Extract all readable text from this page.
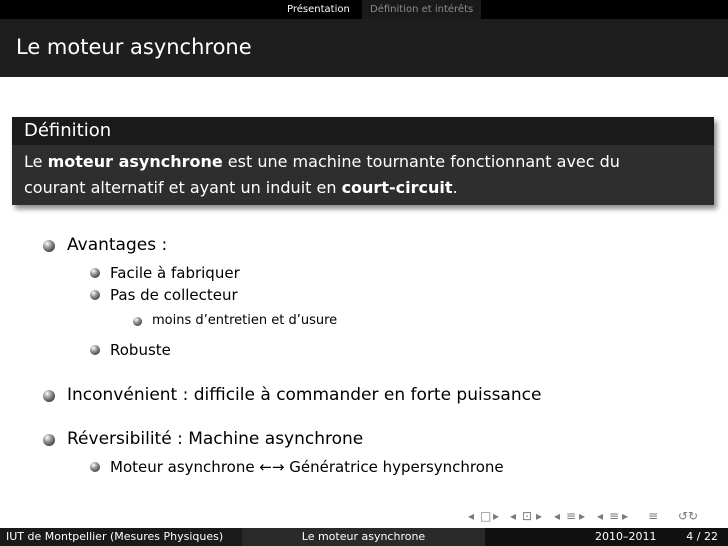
Présentation	Définition et intérêts
Le moteur asynchrone
Définition
Le moteur asynchrone est une machine tournante fonctionnant avec du
courant alternatif et ayant un induit en court-circuit.
Avantages :
Facile à fabriquer
Pas de collecteur
moins d’entretien et d’usure
Robuste
Inconvénient : difficile à commander en forte puissance
Réversibilité : Machine asynchrone
Moteur asynchrone ←→ Génératrice hypersynchrone
◂ □ ▸ ◂ ⊡ ▸ ◂ ≡ ▸ ◂ ≡ ▸ ≡ ↺↻
IUT de Montpellier (Mesures Physiques)	Le moteur asynchrone	2010–2011	4 / 22
